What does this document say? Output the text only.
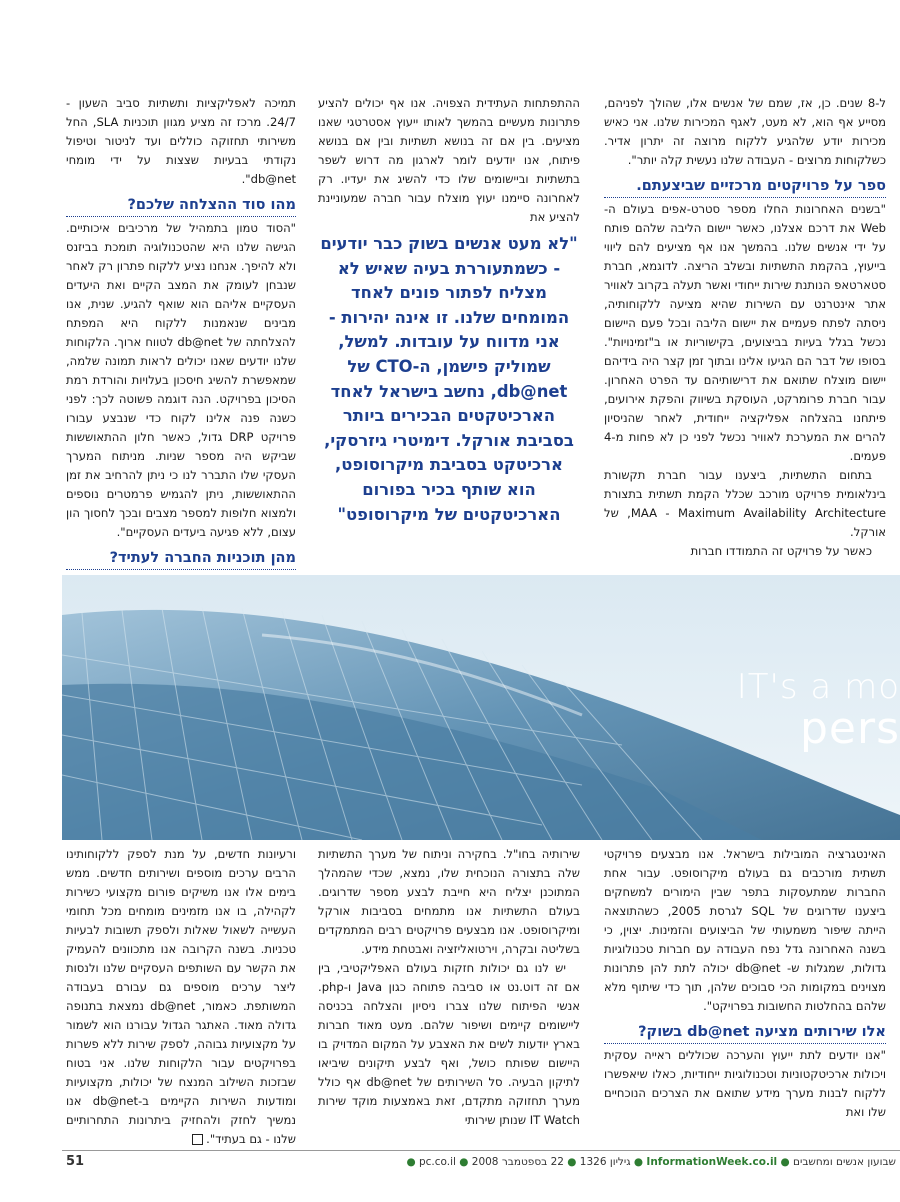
ל-8 שנים. כן, אז, שמם של אנשים אלו, שהולך לפניהם, מסייע אף הוא, לא מעט, לאגף המכירות שלנו. אני כאיש מכירות יודע שלהגיע ללקוח מרוצה זה יתרון אדיר. כשלקוחות מרוצים - העבודה שלנו נעשית קלה יותר".

ספר על פרויקטים מרכזיים שביצעתם.

"בשנים האחרונות החלו מספר סטרט-אפים בעולם ה-Web את דרכם אצלנו, כאשר יישום הליבה שלהם פותח על ידי אנשים שלנו. בהמשך אנו אף מציעים להם ליווי בייעוץ, בהקמת התשתיות ובשלב הריצה. לדוגמא, חברת סטארטאפ הנותנת שירות ייחודי ואשר תעלה בקרוב לאוויר אתר אינטרנט עם השירות שהיא מציעה ללקוחותיה, ניסתה לפתח פעמיים את יישום הליבה ובכל פעם היישום נכשל בגלל בעיות בביצועים, בקישוריות או ב"זמינויות". בסופו של דבר הם הגיעו אלינו ובתוך זמן קצר היה בידיהם יישום מוצלח שתואם את דרישותיהם עד הפרט האחרון. עבור חברת פרומרקט, העוסקת בשיווק והפקת אירועים, פיתחנו בהצלחה אפליקציה ייחודית, לאחר שהניסיון להרים את המערכת לאוויר נכשל לפני כן לא פחות מ-4 פעמים.

בתחום התשתיות, ביצענו עבור חברת תקשורת בינלאומית פרויקט מורכב שכלל הקמת תשתית בתצורת MAA - Maximum Availability Architecture, של אורקל.

כאשר על פרויקט זה התמודדו חברות

ההתפתחות העתידית הצפויה. אנו אף יכולים להציע פתרונות מעשיים בהמשך לאותו ייעוץ אסטרטגי שאנו מציעים. בין אם זה בנושא תשתיות ובין אם בנושא פיתוח, אנו יודעים לומר לארגון מה דרוש לשפר בתשתיות וביישומים שלו כדי להשיג את יעדיו. רק לאחרונה סיימנו יעוץ מוצלח עבור חברה שמעוניינת להציע את

"לא מעט אנשים בשוק כבר יודעים - כשמתעוררת בעיה שאיש לא מצליח לפתור פונים לאחד המומחים שלנו. זו אינה יהירות - אני מדווח על עובדות. למשל, שמוליק פישמן, ה-CTO של db@net, נחשב בישראל לאחד הארכיטקטים הבכירים ביותר בסביבת אורקל. דימיטרי גיזרסקי, ארכיטקט בסביבת מיקרוסופט, הוא שותף בכיר בפורום הארכיטקטים של מיקרוסופט"

תמיכה לאפליקציות ותשתיות סביב השעון - 24/7. מרכז זה מציע מגוון תוכניות SLA, החל משירותי תחזוקה כוללים ועד לניטור וטיפול נקודתי בבעיות שצצות על ידי מומחי db@net".

מהו סוד ההצלחה שלכם?

"הסוד טמון בתמהיל של מרכיבים איכותיים. הגישה שלנו היא שהטכנולוגיה תומכת בביזנס ולא להיפך. אנחנו נציע ללקוח פתרון רק לאחר שנבחן לעומק את המצב הקיים ואת היעדים העסקיים אליהם הוא שואף להגיע. שנית, אנו מבינים שנאמנות ללקוח היא המפתח להצלחתה של db@net לטווח ארוך. הלקוחות שלנו יודעים שאנו יכולים לראות תמונה שלמה, שמאפשרת להשיג חיסכון בעלויות והורדת רמת הסיכון בפרויקט. הנה דוגמה פשוטה לכך: לפני כשנה פנה אלינו לקוח כדי שנבצע עבורו פרויקט DRP גדול, כאשר חלון ההתאוששות שביקש היה מספר שניות. מניתוח המערך העסקי שלו התברר לנו כי ניתן להרחיב את זמן ההתאוששות, ניתן להגמיש פרמטרים נוספים ולמצוא חלופות למספר מצבים ובכך לחסוך הון עצום, ללא פגיעה ביעדים העסקיים".

מהן תוכניות החברה לעתיד?

IT's a mo
pers

האינטגרציה המובילות בישראל. אנו מבצעים פרויקטי תשתית מורכבים גם בעולם מיקרוסופט. עבור אחת החברות שמתעסקות בתפר שבין הימורים למשחקים ביצענו שדרוגים של SQL לגרסת 2005, כשהתוצאה הייתה שיפור משמעותי של הביצועים והזמינות. יצוין, כי בשנה האחרונה גדל נפח העבודה עם חברות טכנולוגיות גדולות, שמגלות ש- db@net יכולה לתת להן פתרונות מצוינים במקומות הכי סבוכים שלהן, תוך כדי שיתוף מלא שלהם בהחלטות החשובות בפרויקט".

אלו שירותים מציעה db@net בשוק?

"אנו יודעים לתת ייעוץ והערכה שכוללים ראייה עסקית ויכולות ארכיטקטוניות וטכנולוגיות ייחודיות, כאלו שיאפשרו ללקוח לבנות מערך מידע שתואם את הצרכים הנוכחיים שלו ואת

שירותיה בחו"ל. בחקירה וניתוח של מערך התשתיות שלה בתצורה הנוכחית שלו, נמצא, שכדי שהמהלך המתוכנן יצליח היא חייבת לבצע מספר שדרוגים. בעולם התשתיות אנו מתמחים בסביבות אורקל ומיקרוסופט. אנו מבצעים פרויקטים רבים המתמקדים בשליטה ובקרה, וירטואליזציה ואבטחת מידע.

יש לנו גם יכולות חזקות בעולם האפליקטיבי, בין אם זה דוט.נט או סביבה פתוחה כגון Java ו-php. אנשי הפיתוח שלנו צברו ניסיון והצלחה בכניסה ליישומים קיימים ושיפור שלהם. מעט מאוד חברות בארץ יודעות לשים את האצבע על המקום המדויק בו היישום שפותח כושל, ואף לבצע תיקונים שיביאו לתיקון הבעיה. סל השירותים של db@net אף כולל מערך תחזוקה מתקדם, זאת באמצעות מוקד שירות IT Watch שנותן שירותי

ורעיונות חדשים, על מנת לספק ללקוחותינו הרבים ערכים מוספים ושירותים חדשים. ממש בימים אלו אנו משיקים פורום מקצועי כשירות לקהילה, בו אנו מזמינים מומחים מכל תחומי העשייה לשאול שאלות ולספק תשובות לבעיות טכניות. בשנה הקרובה אנו מתכוונים להעמיק את הקשר עם השותפים העסקיים שלנו ולנסות ליצר ערכים מוספים גם עבורם בעבודה המשותפת. כאמור, db@net נמצאת בתנופה גדולה מאוד. האתגר הגדול עבורנו הוא לשמור על מקצועיות גבוהה, לספק שירות ללא פשרות בפרויקטים עבור הלקוחות שלנו. אני בטוח שבזכות השילוב המנצח של יכולות, מקצועיות ומודעות השירות הקיימים ב-db@net אנו נמשיך לחזק ולהחזיק ביתרונות התחרותיים שלנו - גם בעתיד".

51	שבועון אנשים ומחשבים ● InformationWeek.co.il ● גיליון 1326 ● 22 בספטמבר 2008 ● pc.co.il ●
